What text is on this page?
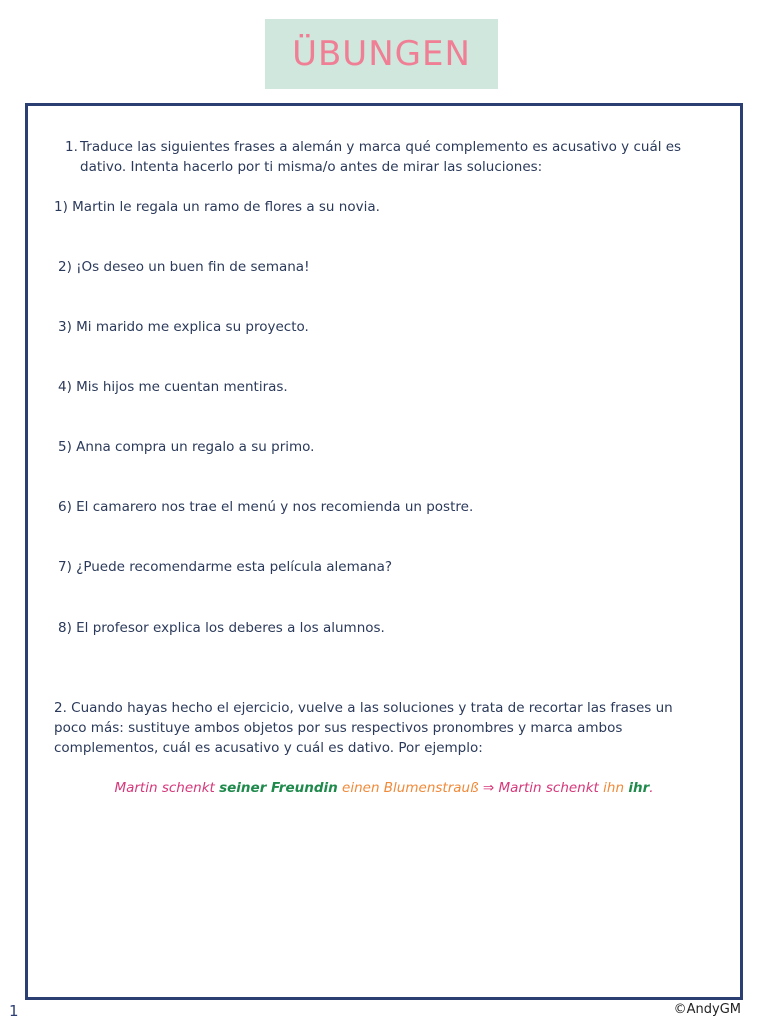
ÜBUNGEN
1. Traduce las siguientes frases a alemán y marca qué complemento es acusativo y cuál es
dativo. Intenta hacerlo por ti misma/o antes de mirar las soluciones:
1) Martin le regala un ramo de flores a su novia.
2) ¡Os deseo un buen fin de semana!
3) Mi marido me explica su proyecto.
4) Mis hijos me cuentan mentiras.
5) Anna compra un regalo a su primo.
6) El camarero nos trae el menú y nos recomienda un postre.
7) ¿Puede recomendarme esta película alemana?
8) El profesor explica los deberes a los alumnos.
2. Cuando hayas hecho el ejercicio, vuelve a las soluciones y trata de recortar las frases un poco más: sustituye ambos objetos por sus respectivos pronombres y marca ambos complementos, cuál es acusativo y cuál es dativo. Por ejemplo:
Martin schenkt seiner Freundin einen Blumenstrauß ⇒ Martin schenkt ihn ihr.
1	©AndyGM
